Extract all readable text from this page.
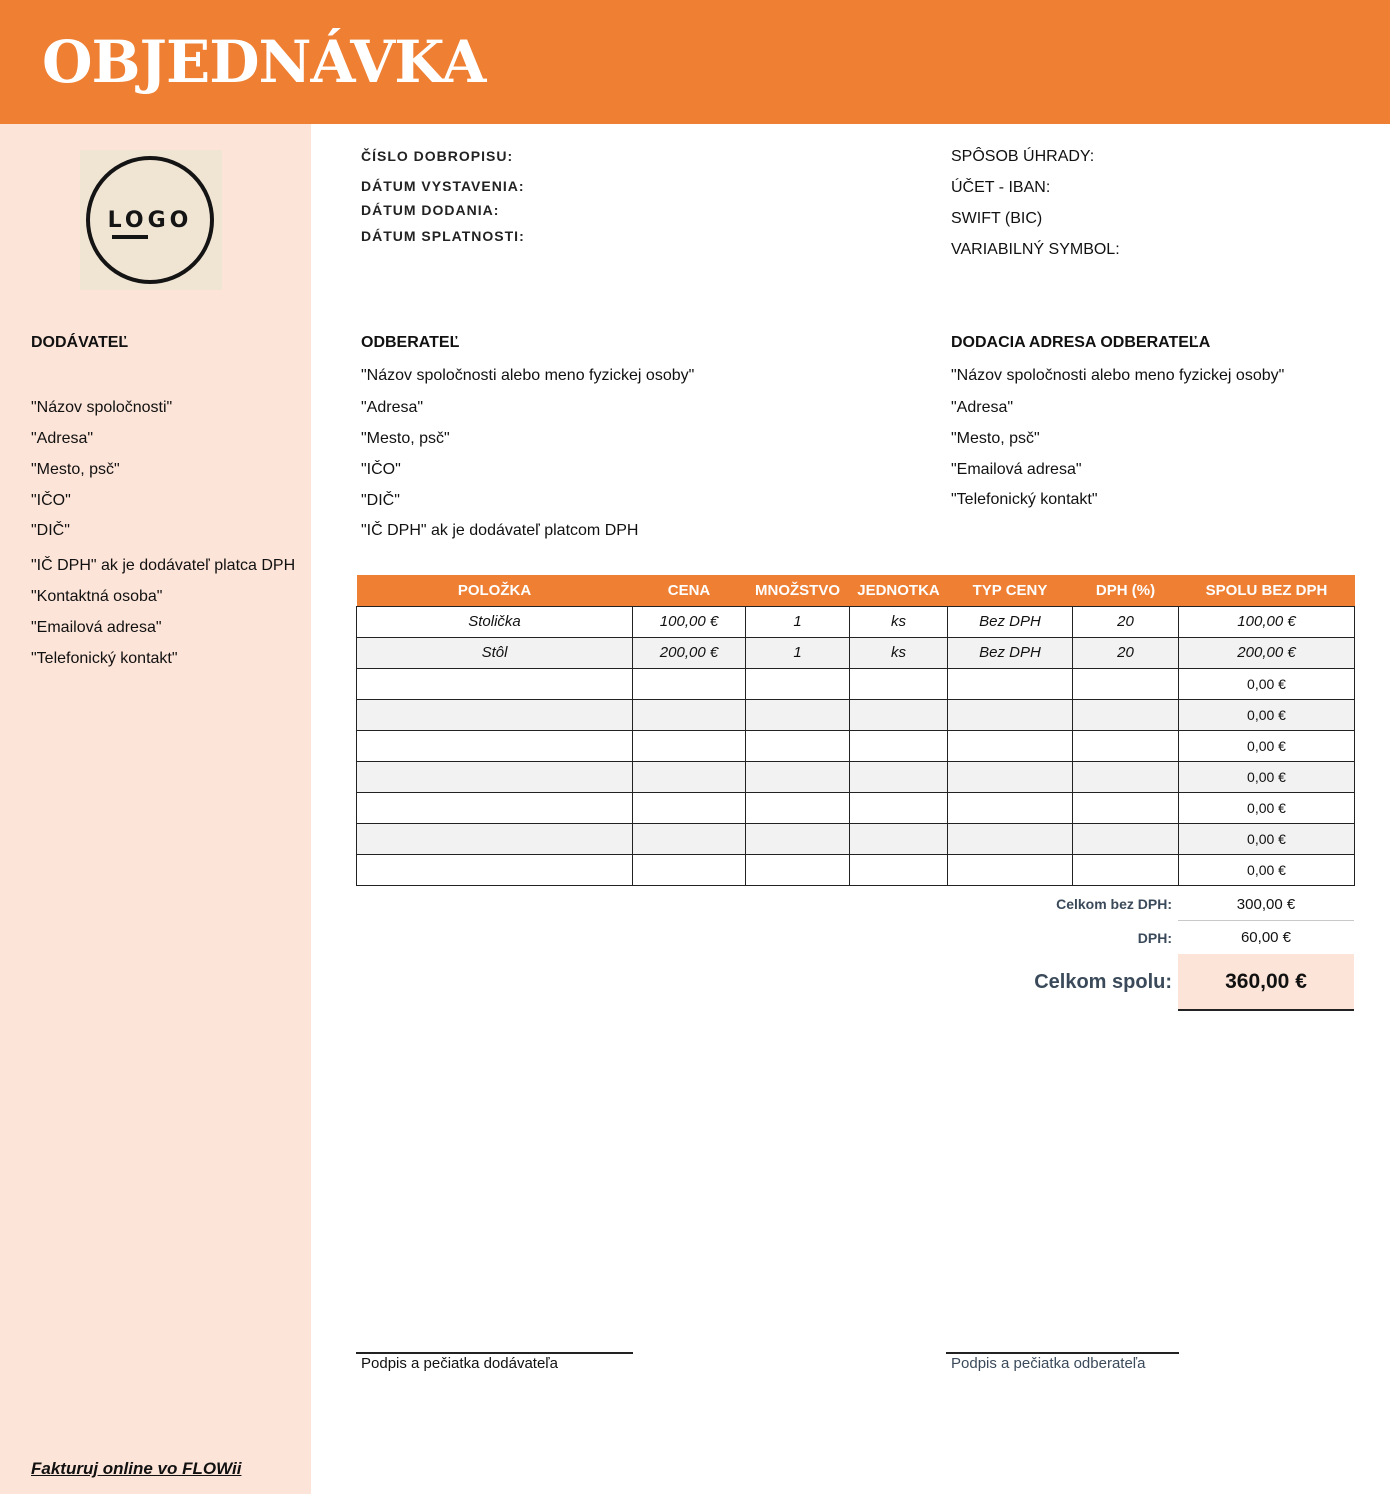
OBJEDNÁVKA
LOGO
ČÍSLO DOBROPISU:
DÁTUM VYSTAVENIA:
DÁTUM DODANIA:
DÁTUM SPLATNOSTI:
SPÔSOB ÚHRADY:
ÚČET - IBAN:
SWIFT (BIC)
VARIABILNÝ SYMBOL:
DODÁVATEĽ
"Názov spoločnosti"
"Adresa"
"Mesto, psč"
"IČO"
"DIČ"
"IČ DPH" ak je dodávateľ platca DPH
"Kontaktná osoba"
"Emailová adresa"
"Telefonický kontakt"
ODBERATEĽ
"Názov spoločnosti alebo meno fyzickej osoby"
"Adresa"
"Mesto, psč"
"IČO"
"DIČ"
"IČ DPH" ak je dodávateľ platcom DPH
DODACIA ADRESA ODBERATEĽA
"Názov spoločnosti alebo meno fyzickej osoby"
"Adresa"
"Mesto, psč"
"Emailová adresa"
"Telefonický kontakt"
POLOŽKA	CENA	MNOŽSTVO	JEDNOTKA	TYP CENY	DPH (%)	SPOLU BEZ DPH
Stolička	100,00 €	1	ks	Bez DPH	20	100,00 €
Stôl	200,00 €	1	ks	Bez DPH	20	200,00 €
						0,00 €
						0,00 €
						0,00 €
						0,00 €
						0,00 €
						0,00 €
						0,00 €
Celkom bez DPH:	300,00 €
DPH:	60,00 €
Celkom spolu:	360,00 €
Podpis a pečiatka dodávateľa	Podpis a pečiatka odberateľa
Fakturuj online vo FLOWii
